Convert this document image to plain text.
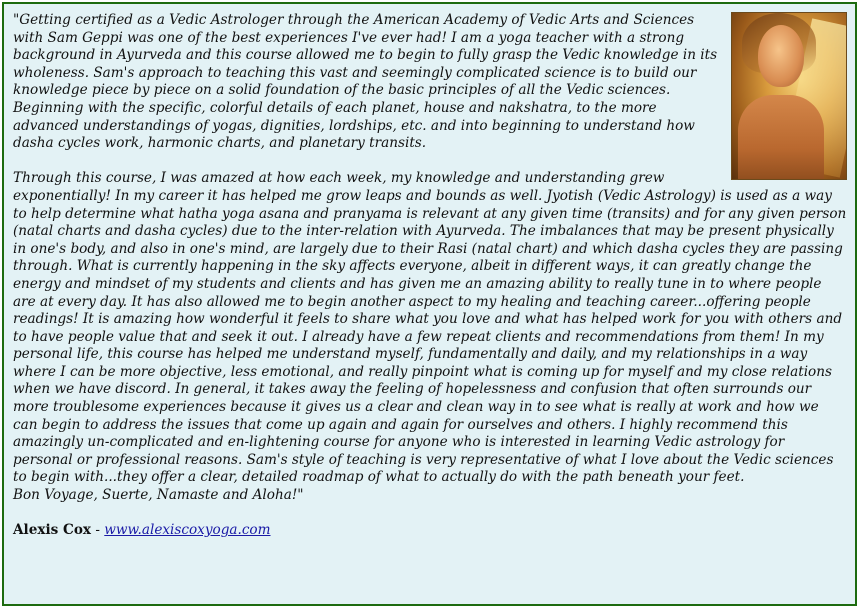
"Getting certified as a Vedic Astrologer through the American Academy of Vedic Arts and Sciences with Sam Geppi was one of the best experiences I've ever had! I am a yoga teacher with a strong background in Ayurveda and this course allowed me to begin to fully grasp the Vedic knowledge in its wholeness. Sam's approach to teaching this vast and seemingly complicated science is to build our knowledge piece by piece on a solid foundation of the basic principles of all the Vedic sciences. Beginning with the specific, colorful details of each planet, house and nakshatra, to the more advanced understandings of yogas, dignities, lordships, etc. and into beginning to understand how dasha cycles work, harmonic charts, and planetary transits.

Through this course, I was amazed at how each week, my knowledge and understanding grew exponentially! In my career it has helped me grow leaps and bounds as well. Jyotish (Vedic Astrology) is used as a way to help determine what hatha yoga asana and pranyama is relevant at any given time (transits) and for any given person (natal charts and dasha cycles) due to the inter-relation with Ayurveda. The imbalances that may be present physically in one's body, and also in one's mind, are largely due to their Rasi (natal chart) and which dasha cycles they are passing through. What is currently happening in the sky affects everyone, albeit in different ways, it can greatly change the energy and mindset of my students and clients and has given me an amazing ability to really tune in to where people are at every day. It has also allowed me to begin another aspect to my healing and teaching career...offering people readings! It is amazing how wonderful it feels to share what you love and what has helped work for you with others and to have people value that and seek it out. I already have a few repeat clients and recommendations from them! In my personal life, this course has helped me understand myself, fundamentally and daily, and my relationships in a way where I can be more objective, less emotional, and really pinpoint what is coming up for myself and my close relations when we have discord. In general, it takes away the feeling of hopelessness and confusion that often surrounds our more troublesome experiences because it gives us a clear and clean way in to see what is really at work and how we can begin to address the issues that come up again and again for ourselves and others. I highly recommend this amazingly un-complicated and en-lightening course for anyone who is interested in learning Vedic astrology for personal or professional reasons. Sam's style of teaching is very representative of what I love about the Vedic sciences to begin with...they offer a clear, detailed roadmap of what to actually do with the path beneath your feet.

Bon Voyage, Suerte, Namaste and Aloha!"

Alexis Cox - www.alexiscoxyoga.com
